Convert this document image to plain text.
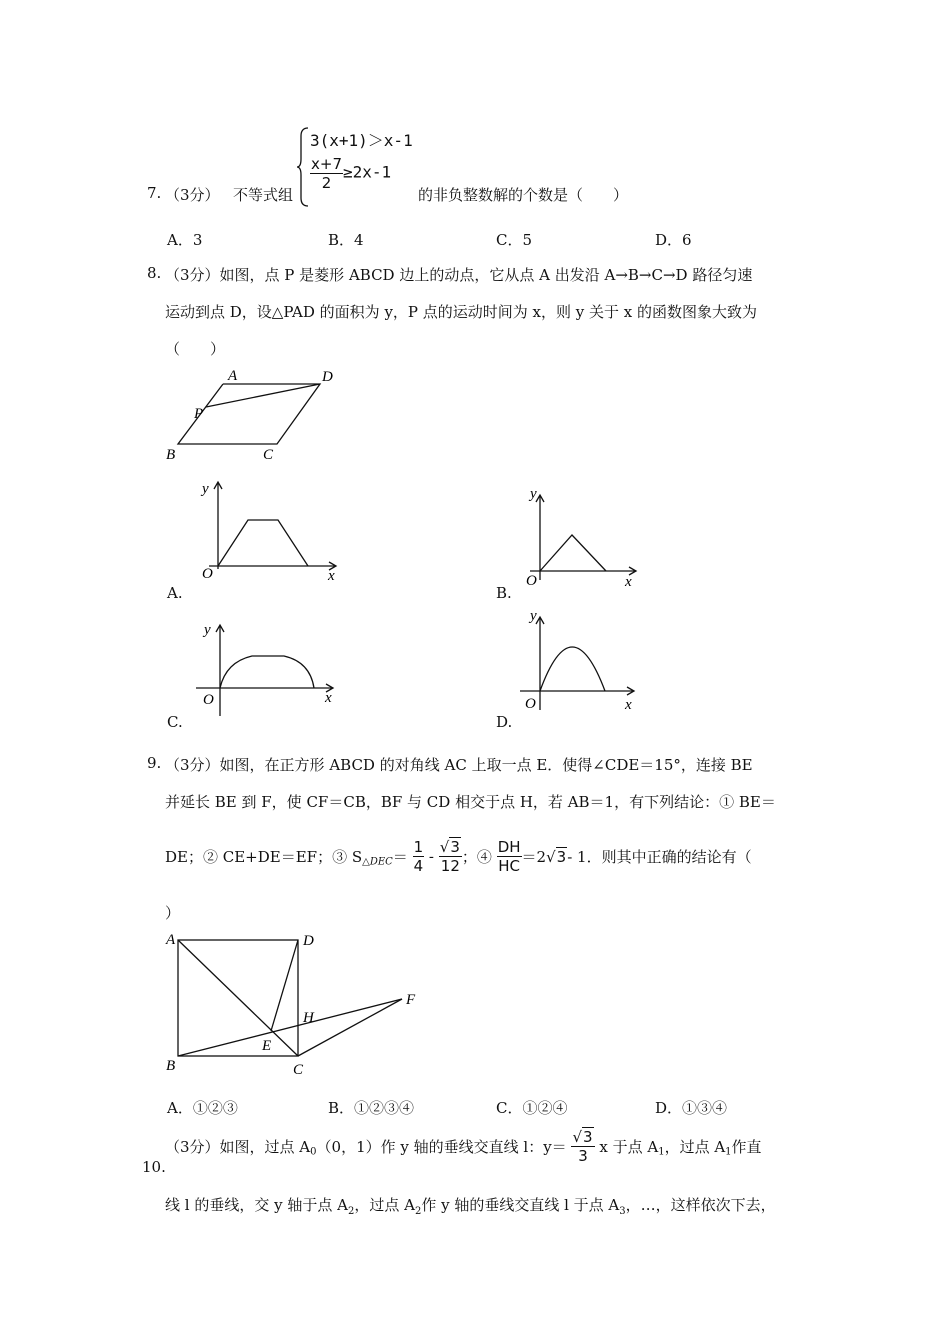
7. （3分） 不等式组
3(x+1)＞x-1
$\frac{x+7}{2} \ge 2x-1$
的非负整数解的个数是（　　）
A．3	B．4	C．5	D．6
8. （3分）如图，点 P 是菱形 ABCD 边上的动点，它从点 A 出发沿 A→B→C→D 路径匀速
运动到点 D，设△PAD 的面积为 y，P 点的运动时间为 x，则 y 关于 x 的函数图象大致为
（　　）
A	D
P
B	C
y
O	x
A.
y
O	x
B.
y
O	x
C.
y
O	x
D.
9. （3分）如图，在正方形 ABCD 的对角线 AC 上取一点 E．使得∠CDE＝15°，连接 BE
并延长 BE 到 F，使 CF＝CB，BF 与 CD 相交于点 H，若 AB＝1，有下列结论：① BE＝
DE；② CE+DE＝EF；③ $S_{\triangle DEC}= \frac{1}{4} - \frac{√3}{12}$ ；④ $\frac{DH}{HC} =2√3-$ 1．则其中正确的结论有（
）
A	D
B	C
E
H
F
A．①②③	B．①②③④	C．①②④	D．①③④
10.
（3分）如图，过点 $A_0(0$，1）作 y 轴的垂线交直线 l：$y= \frac{√3}{3}$ x 于点 $A_1$，过点 $A_1$作直
线 l 的垂线，交 y 轴于点 $A_2$，过点 $A_2$作 y 轴的垂线交直线 l 于点 $A_3$，…，这样依次下去，
